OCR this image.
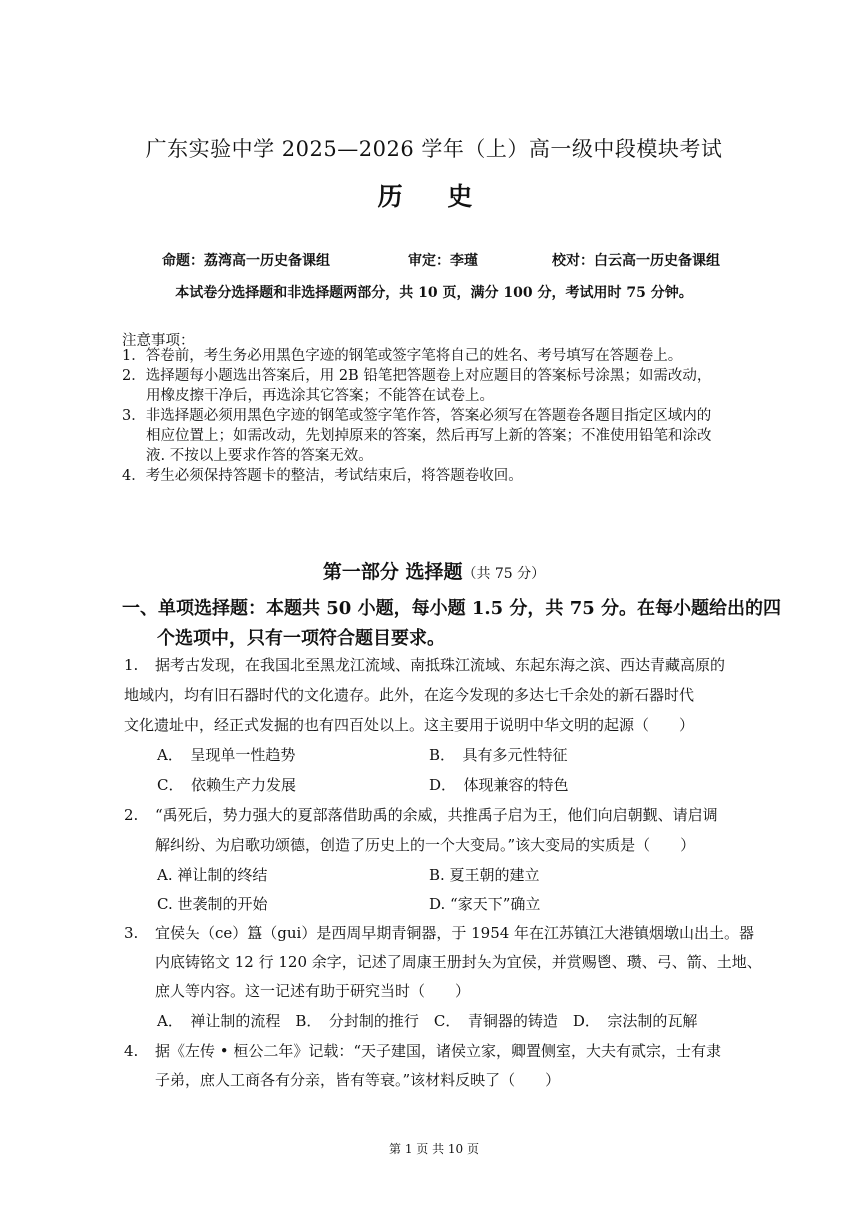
广东实验中学 2025—2026 学年（上）高一级中段模块考试
历 史
命题：荔湾高一历史备课组	审定：李瑾	校对：白云高一历史备课组
本试卷分选择题和非选择题两部分，共 10 页，满分 100 分，考试用时 75 分钟。
注意事项：
1．答卷前，考生务必用黑色字迹的钢笔或签字笔将自己的姓名、考号填写在答题卷上。
2．选择题每小题选出答案后，用 2B 铅笔把答题卷上对应题目的答案标号涂黑；如需改动，
用橡皮擦干净后，再选涂其它答案；不能答在试卷上。
3．非选择题必须用黑色字迹的钢笔或签字笔作答，答案必须写在答题卷各题目指定区域内的
相应位置上；如需改动，先划掉原来的答案，然后再写上新的答案；不准使用铅笔和涂改
液. 不按以上要求作答的答案无效。
4．考生必须保持答题卡的整洁，考试结束后，将答题卷收回。
第一部分 选择题（共 75 分）
一、单项选择题：本题共 50 小题，每小题 1.5 分，共 75 分。在每小题给出的四
个选项中，只有一项符合题目要求。
1. 据考古发现，在我国北至黑龙江流域、南抵珠江流域、东起东海之滨、西达青藏高原的
地域内，均有旧石器时代的文化遗存。此外，在迄今发现的多达七千余处的新石器时代
文化遗址中，经正式发掘的也有四百处以上。这主要用于说明中华文明的起源（　　）
A．　呈现单一性趋势	B．　具有多元性特征
C．　依赖生产力发展	D．　体现兼容的特色
2. “禹死后，势力强大的夏部落借助禹的余威，共推禹子启为王，他们向启朝觐、请启调
解纠纷、为启歌功颂德，创造了历史上的一个大变局。”该大变局的实质是（　　）
A. 禅让制的终结	B. 夏王朝的建立
C. 世袭制的开始	D. “家天下”确立
3. 宜侯夨（ce）簋（gui）是西周早期青铜器，于 1954 年在江苏镇江大港镇烟墩山出土。器
内底铸铭文 12 行 120 余字，记述了周康王册封夨为宜侯，并赏赐鬯、瓒、弓、箭、土地、
庶人等内容。这一记述有助于研究当时（　　）
A．　禅让制的流程　B．　分封制的推行　C．　青铜器的铸造　D．　宗法制的瓦解
4. 据《左传 • 桓公二年》记载：“天子建国，诸侯立家，卿置侧室，大夫有贰宗，士有隶
子弟，庶人工商各有分亲，皆有等衰。”该材料反映了（　　）
第 1 页 共 10 页
